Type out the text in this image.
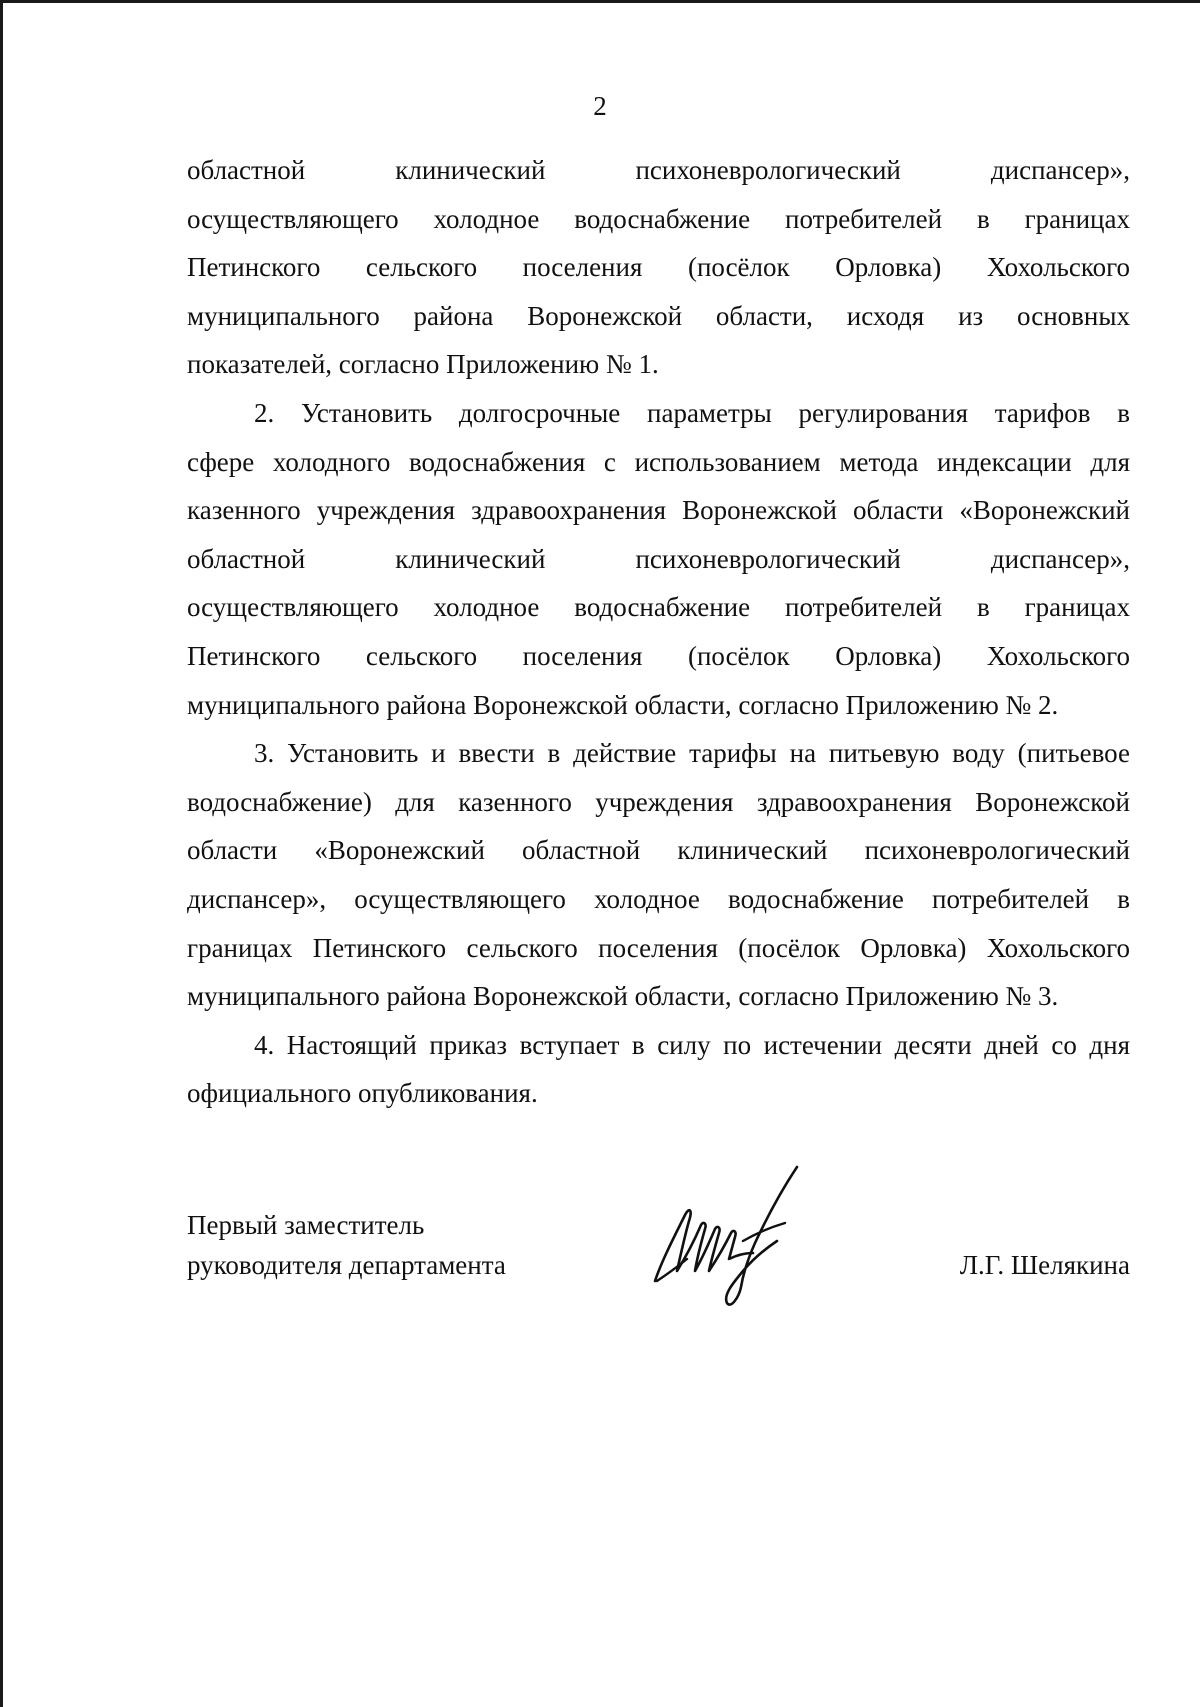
2

областной клинический психоневрологический диспансер»,
осуществляющего холодное водоснабжение потребителей в границах
Петинского сельского поселения (посёлок Орловка) Хохольского
муниципального района Воронежской области, исходя из основных
показателей, согласно Приложению № 1.

2. Установить долгосрочные параметры регулирования тарифов в
сфере холодного водоснабжения с использованием метода индексации для
казенного учреждения здравоохранения Воронежской области «Воронежский
областной клинический психоневрологический диспансер»,
осуществляющего холодное водоснабжение потребителей в границах
Петинского сельского поселения (посёлок Орловка) Хохольского
муниципального района Воронежской области, согласно Приложению № 2.

3. Установить и ввести в действие тарифы на питьевую воду (питьевое
водоснабжение) для казенного учреждения здравоохранения Воронежской
области «Воронежский областной клинический психоневрологический
диспансер», осуществляющего холодное водоснабжение потребителей в
границах Петинского сельского поселения (посёлок Орловка) Хохольского
муниципального района Воронежской области, согласно Приложению № 3.

4. Настоящий приказ вступает в силу по истечении десяти дней со дня
официального опубликования.

Первый заместитель
руководителя департамента	Л.Г. Шелякина
